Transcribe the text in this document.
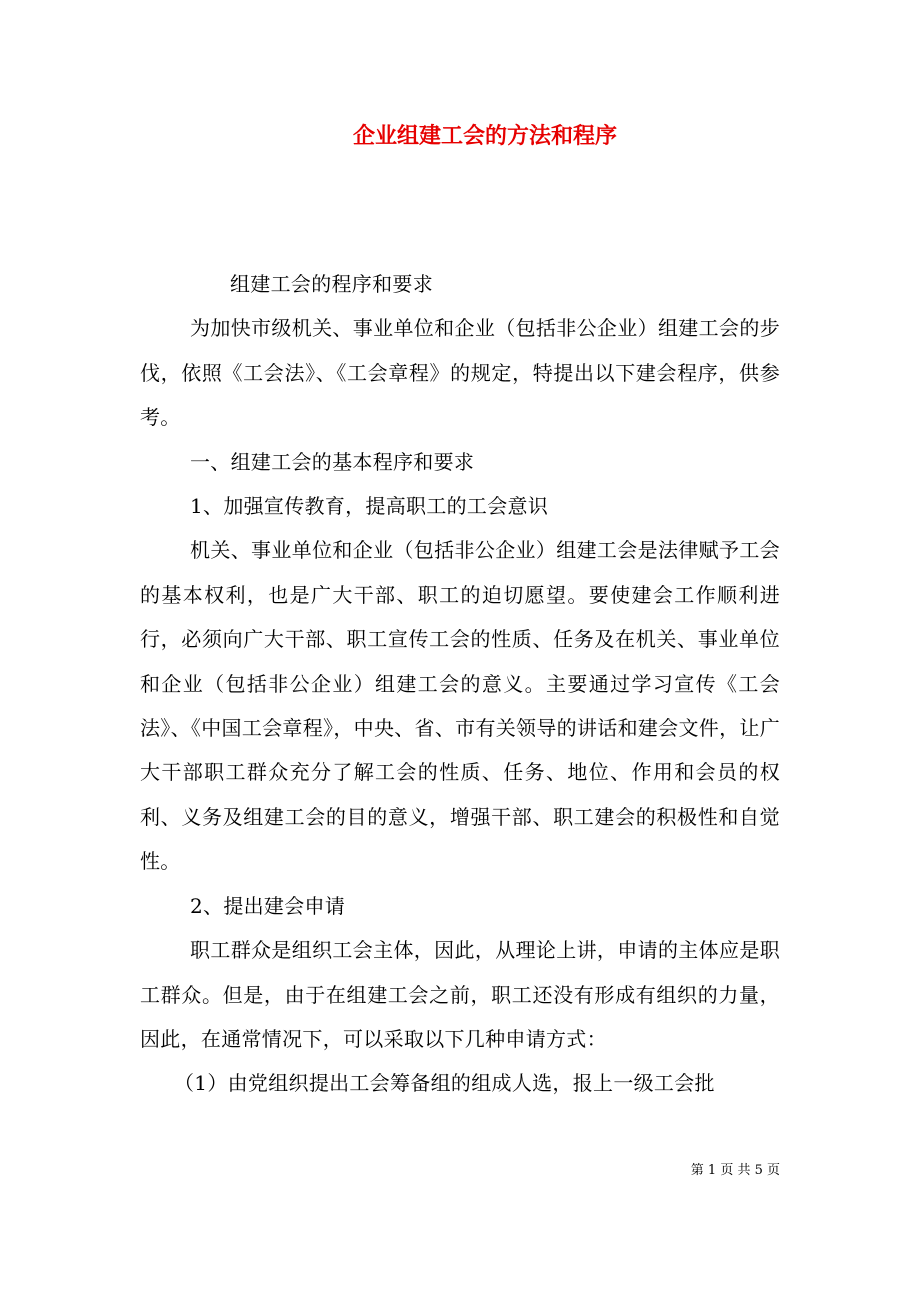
企业组建工会的方法和程序

组建工会的程序和要求

为加快市级机关、事业单位和企业（包括非公企业）组建工会的步伐，依照《工会法》、《工会章程》的规定，特提出以下建会程序，供参考。

一、组建工会的基本程序和要求

1、加强宣传教育，提高职工的工会意识

机关、事业单位和企业（包括非公企业）组建工会是法律赋予工会的基本权利，也是广大干部、职工的迫切愿望。要使建会工作顺利进行，必须向广大干部、职工宣传工会的性质、任务及在机关、事业单位和企业（包括非公企业）组建工会的意义。主要通过学习宣传《工会法》、《中国工会章程》，中央、省、市有关领导的讲话和建会文件，让广大干部职工群众充分了解工会的性质、任务、地位、作用和会员的权利、义务及组建工会的目的意义，增强干部、职工建会的积极性和自觉性。

2、提出建会申请

职工群众是组织工会主体，因此，从理论上讲，申请的主体应是职工群众。但是，由于在组建工会之前，职工还没有形成有组织的力量，因此，在通常情况下，可以采取以下几种申请方式：

（1）由党组织提出工会筹备组的组成人选，报上一级工会批

第 1 页 共 5 页
